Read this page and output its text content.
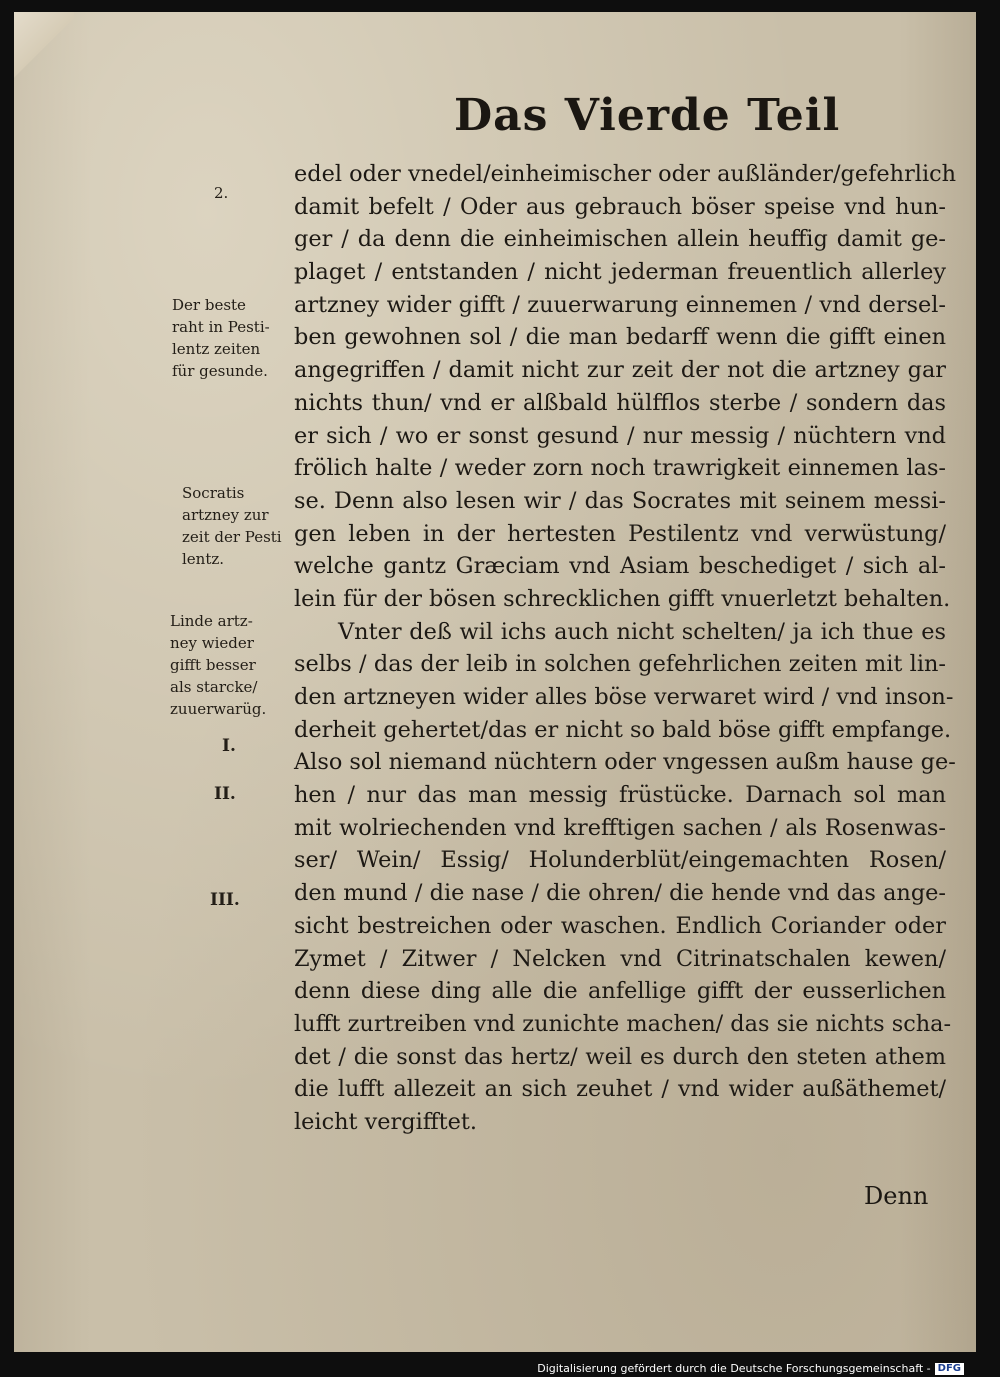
Das Vierde Teil
edel oder vnedel/einheimischer oder außländer/gefehrlich
damit befelt / Oder aus gebrauch böser speise vnd hun-
ger / da denn die einheimischen allein heuffig damit ge-
plaget / entstanden / nicht jederman freuentlich allerley
artzney wider gifft / zuuerwarung einnemen / vnd dersel-
ben gewohnen sol / die man bedarff wenn die gifft einen
angegriffen / damit nicht zur zeit der not die artzney gar
nichts thun/ vnd er alßbald hülfflos sterbe / sondern das
er sich / wo er sonst gesund / nur messig / nüchtern vnd
frölich halte / weder zorn noch trawrigkeit einnemen las-
se. Denn also lesen wir / das Socrates mit seinem messi-
gen leben in der hertesten Pestilentz vnd verwüstung/
welche gantz Græciam vnd Asiam beschediget / sich al-
lein für der bösen schrecklichen gifft vnuerletzt behalten.
Vnter deß wil ichs auch nicht schelten/ ja ich thue es
selbs / das der leib in solchen gefehrlichen zeiten mit lin-
den artzneyen wider alles böse verwaret wird / vnd inson-
derheit gehertet/das er nicht so bald böse gifft empfange.
Also sol niemand nüchtern oder vngessen außm hause ge-
hen / nur das man messig früstücke. Darnach sol man
mit wolriechenden vnd krefftigen sachen / als Rosenwas-
ser/ Wein/ Essig/ Holunderblüt/eingemachten Rosen/
den mund / die nase / die ohren/ die hende vnd das ange-
sicht bestreichen oder waschen. Endlich Coriander oder
Zymet / Zitwer / Nelcken vnd Citrinatschalen kewen/
denn diese ding alle die anfellige gifft der eusserlichen
lufft zurtreiben vnd zunichte machen/ das sie nichts scha-
det / die sonst das hertz/ weil es durch den steten athem
die lufft allezeit an sich zeuhet / vnd wider außäthemet/
leicht vergifftet.
2.
Der beste
raht in Pesti-
lentz zeiten
für gesunde.
Socratis
artzney zur
zeit der Pesti
lentz.
Linde artz-
ney wieder
gifft besser
als starcke/
zuuerwarüg.
I.
II.
III.
Denn
Digitalisierung gefördert durch die Deutsche Forschungsgemeinschaft - DFG
